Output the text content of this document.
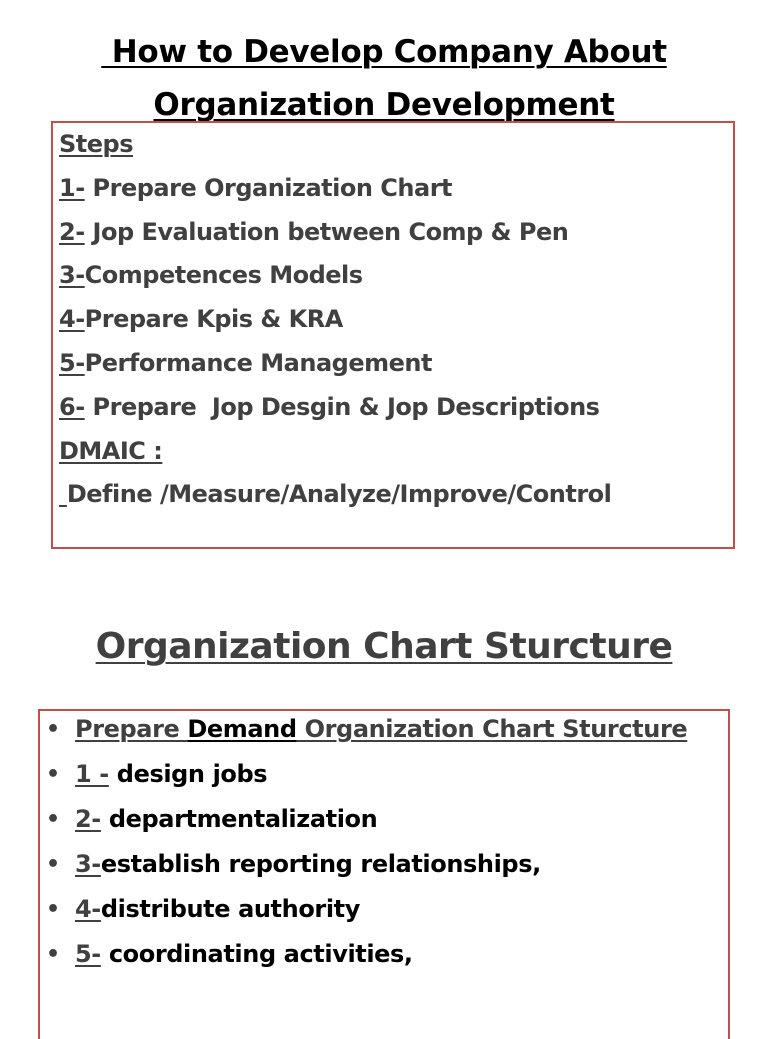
How to Develop Company About
Organization Development
Steps
1- Prepare Organization Chart
2- Jop Evaluation between Comp & Pen
3-Competences Models
4-Prepare Kpis & KRA
5-Performance Management
6- Prepare  Jop Desgin & Jop Descriptions
DMAIC :
Define /Measure/Analyze/Improve/Control
Organization Chart Sturcture
• Prepare Demand Organization Chart Sturcture
• 1 - design jobs
• 2- departmentalization
• 3-establish reporting relationships,
• 4-distribute authority
• 5- coordinating activities,
